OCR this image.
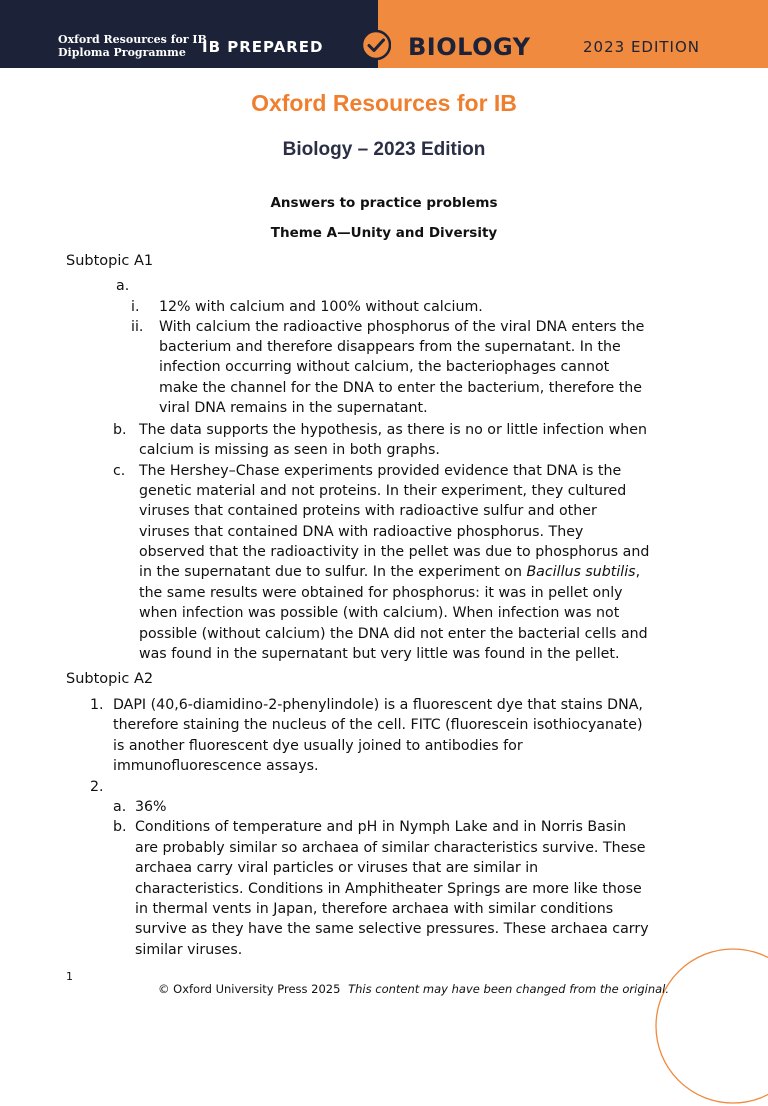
Oxford Resources for IB
Diploma Programme	IB PREPARED	BIOLOGY	2023 EDITION
Oxford Resources for IB
Biology – 2023 Edition
Answers to practice problems
Theme A—Unity and Diversity
Subtopic A1
a.
i. 12% with calcium and 100% without calcium.
ii. With calcium the radioactive phosphorus of the viral DNA enters the
bacterium and therefore disappears from the supernatant. In the
infection occurring without calcium, the bacteriophages cannot
make the channel for the DNA to enter the bacterium, therefore the
viral DNA remains in the supernatant.
b. The data supports the hypothesis, as there is no or little infection when
calcium is missing as seen in both graphs.
c. The Hershey–Chase experiments provided evidence that DNA is the
genetic material and not proteins. In their experiment, they cultured
viruses that contained proteins with radioactive sulfur and other
viruses that contained DNA with radioactive phosphorus. They
observed that the radioactivity in the pellet was due to phosphorus and
in the supernatant due to sulfur. In the experiment on Bacillus subtilis,
the same results were obtained for phosphorus: it was in pellet only
when infection was possible (with calcium). When infection was not
possible (without calcium) the DNA did not enter the bacterial cells and
was found in the supernatant but very little was found in the pellet.
Subtopic A2
1. DAPI (40,6-diamidino-2-phenylindole) is a fluorescent dye that stains DNA,
therefore staining the nucleus of the cell. FITC (fluorescein isothiocyanate)
is another fluorescent dye usually joined to antibodies for
immunofluorescence assays.
2.
a. 36%
b. Conditions of temperature and pH in Nymph Lake and in Norris Basin
are probably similar so archaea of similar characteristics survive. These
archaea carry viral particles or viruses that are similar in
characteristics. Conditions in Amphitheater Springs are more like those
in thermal vents in Japan, therefore archaea with similar conditions
survive as they have the same selective pressures. These archaea carry
similar viruses.
1
© Oxford University Press 2025 This content may have been changed from the original.
